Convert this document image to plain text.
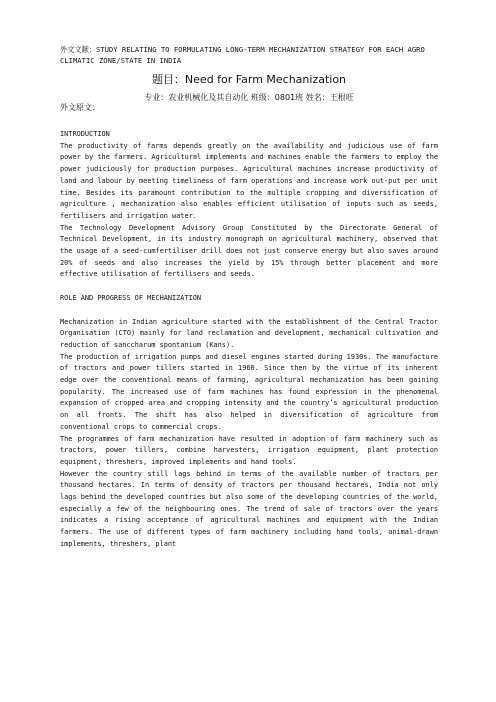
外文文献：STUDY RELATING TO FORMULATING LONG-TERM MECHANIZATION STRATEGY FOR EACH AGRO CLIMATIC ZONE/STATE IN INDIA
题目：Need for Farm Mechanization
专业：农业机械化及其自动化 班级：0801班 姓名：王根旺
外文原文：
INTRODUCTION

The productivity of farms depends greatly on the availability and judicious use of farm power by the farmers. Agricultural implements and machines enable the farmers to employ the power judiciously for production purposes. Agricultural machines increase productivity of land and labour by meeting timeliness of farm operations and increase work out-put per unit time. Besides its paramount contribution to the multiple cropping and diversification of agriculture , mechanization also enables efficient utilisation of inputs such as seeds, fertilisers and irrigation water.

The Technology Development Advisory Group Constituted by the Directorate General of Technical Development, in its industry monograph on agricultural machinery, observed that the usage of a seed-cumfertiliser drill does not just conserve energy but also saves around 20% of seeds and also increases the yield by 15% through better placement and more effective utilisation of fertilisers and seeds.

ROLE AND PROGRESS OF MECHANIZATION

Mechanization in Indian agriculture started with the establishment of the Central Tractor Organisation (CTO) mainly for land reclamation and development, mechanical cultivation and reduction of sanccharum spontanium (Kans).

The production of irrigation pumps and diesel engines started during 1930s. The manufacture of tractors and power tillers started in 1960. Since then by the virtue of its inherent edge over the conventional means of farming, agricultural mechanization has been gaining popularity. The increased use of farm machines has found expression in the phenomenal expansion of cropped area and cropping intensity and the country’s agricultural production on all fronts. The shift has also helped in diversification of agriculture from conventional crops to commercial crops.

The programmes of farm mechanization have resulted in adoption of farm machinery such as tractors, power tillers, combine harvesters, irrigation equipment, plant protection equipment, threshers, improved implements and hand tools.

However the country still lags behind in terms of the available number of tractors per thousand hectares. In terms of density of tractors per thousand hectares, India not only lags behind the developed countries but also some of the developing countries of the world, especially a few of the neighbouring ones. The trend of sale of tractors over the years indicates a rising acceptance of agricultural machines and equipment with the Indian farmers. The use of different types of farm machinery including hand tools, animal-drawn implements, threshers, plant
